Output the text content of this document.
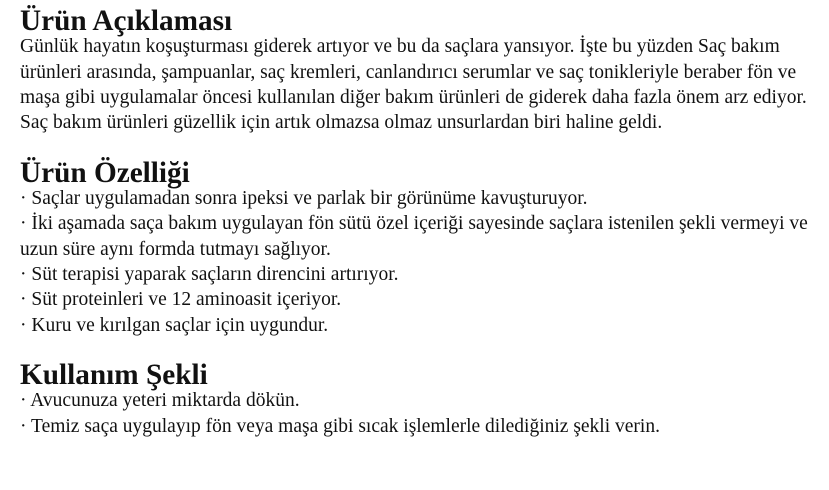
Ürün Açıklaması

Günlük hayatın koşuşturması giderek artıyor ve bu da saçlara yansıyor. İşte bu yüzden Saç bakım ürünleri arasında, şampuanlar, saç kremleri, canlandırıcı serumlar ve saç tonikleriyle beraber fön ve maşa gibi uygulamalar öncesi kullanılan diğer bakım ürünleri de giderek daha fazla önem arz ediyor. Saç bakım ürünleri güzellik için artık olmazsa olmaz unsurlardan biri haline geldi.

Ürün Özelliği
· Saçlar uygulamadan sonra ipeksi ve parlak bir görünüme kavuşturuyor.
· İki aşamada saça bakım uygulayan fön sütü özel içeriği sayesinde saçlara istenilen şekli vermeyi ve uzun süre aynı formda tutmayı sağlıyor.
· Süt terapisi yaparak saçların direncini artırıyor.
· Süt proteinleri ve 12 aminoasit içeriyor.
· Kuru ve kırılgan saçlar için uygundur.
Kullanım Şekli
· Avucunuza yeteri miktarda dökün.
· Temiz saça uygulayıp fön veya maşa gibi sıcak işlemlerle dilediğiniz şekli verin.
